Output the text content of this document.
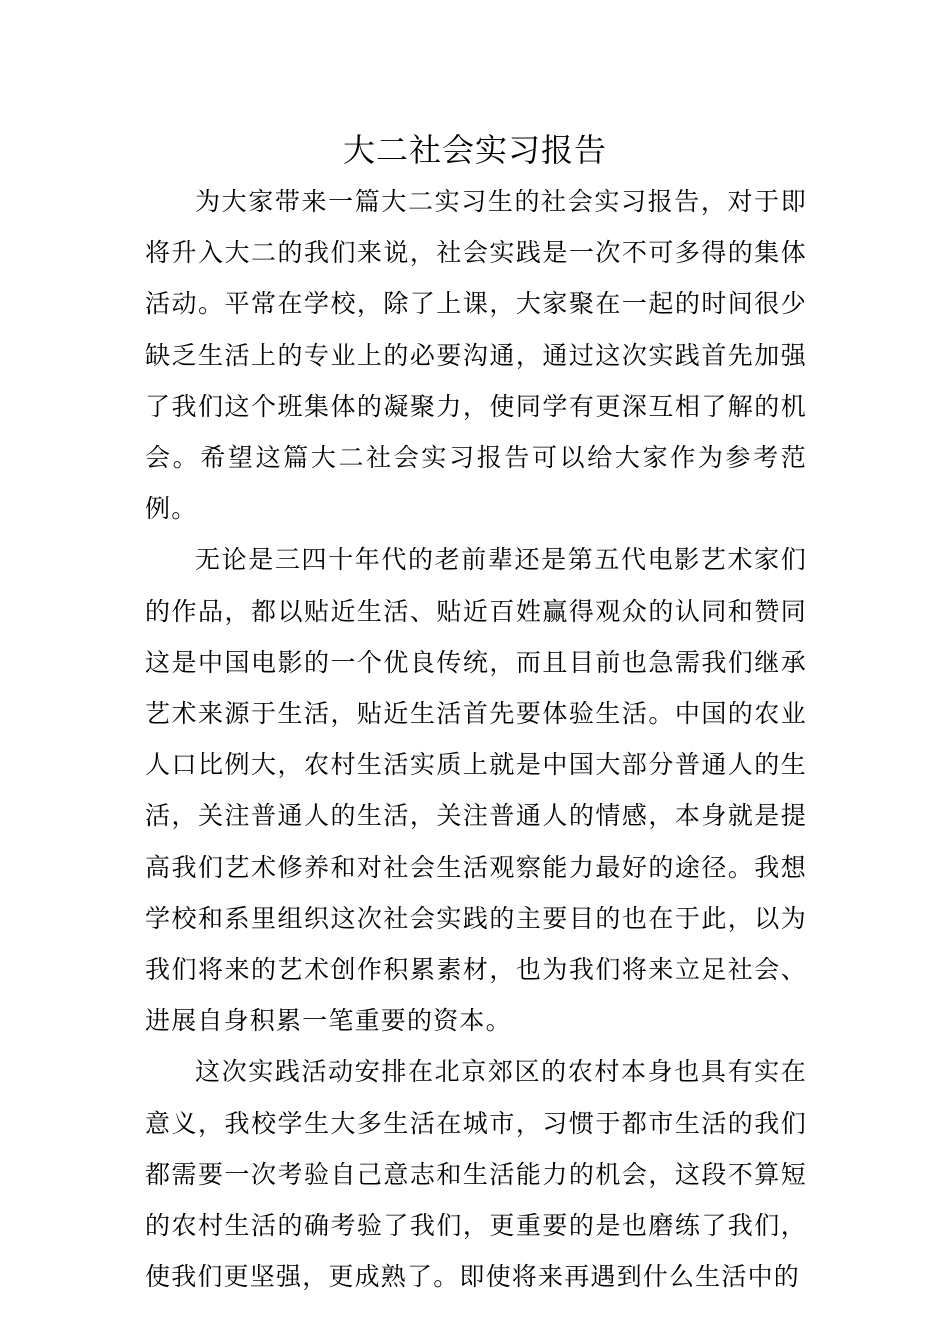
大二社会实习报告

为大家带来一篇大二实习生的社会实习报告，对于即将升入大二的我们来说，社会实践是一次不可多得的集体活动。平常在学校，除了上课，大家聚在一起的时间很少缺乏生活上的专业上的必要沟通，通过这次实践首先加强了我们这个班集体的凝聚力，使同学有更深互相了解的机会。希望这篇大二社会实习报告可以给大家作为参考范例。

无论是三四十年代的老前辈还是第五代电影艺术家们的作品，都以贴近生活、贴近百姓赢得观众的认同和赞同这是中国电影的一个优良传统，而且目前也急需我们继承艺术来源于生活，贴近生活首先要体验生活。中国的农业人口比例大，农村生活实质上就是中国大部分普通人的生活，关注普通人的生活，关注普通人的情感，本身就是提高我们艺术修养和对社会生活观察能力最好的途径。我想学校和系里组织这次社会实践的主要目的也在于此，以为我们将来的艺术创作积累素材，也为我们将来立足社会、进展自身积累一笔重要的资本。

这次实践活动安排在北京郊区的农村本身也具有实在意义，我校学生大多生活在城市，习惯于都市生活的我们都需要一次考验自己意志和生活能力的机会，这段不算短的农村生活的确考验了我们，更重要的是也磨练了我们，使我们更坚强，更成熟了。即使将来再遇到什么生活中的
